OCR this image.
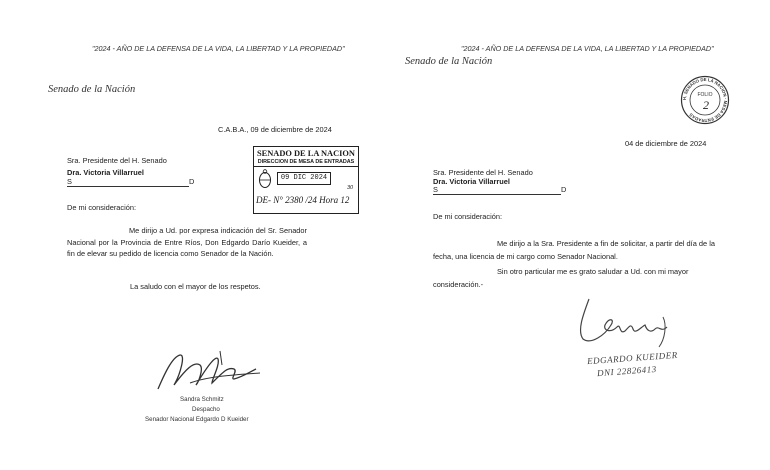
"2024 - AÑO DE LA DEFENSA DE LA VIDA, LA LIBERTAD Y LA PROPIEDAD"
Senado de la Nación
C.A.B.A., 09 de diciembre de 2024
Sra. Presidente del H. Senado
Dra. Victoria Villarruel
S	D
De mi consideración:
Me dirijo a Ud. por expresa indicación del Sr. Senador Nacional por la Provincia de Entre Ríos, Don Edgardo Darío Kueider, a fin de elevar su pedido de licencia como Senador de la Nación.
La saludo con el mayor de los respetos.
Sandra Schmitz
Despacho
Senador Nacional Edgardo D Kueider
SENADO DE LA NACION
DIRECCION DE MESA DE ENTRADAS
09 DIC 2024
30
DE- N° 2380 /24 Hora 12
"2024 - AÑO DE LA DEFENSA DE LA VIDA, LA LIBERTAD Y LA PROPIEDAD"
Senado de la Nación
04 de diciembre de 2024
Sra. Presidente del H. Senado
Dra. Victoria Villarruel
S	D
De mi consideración:
Me dirijo a la Sra. Presidente a fin de solicitar, a partir del día de la fecha, una licencia de mi cargo como Senador Nacional.
Sin otro particular me es grato saludar a Ud. con mi mayor consideración.-
EDGARDO KUEIDER
DNI 22826413
H. SENADO DE LA NACION · MESA DE ENTRADAS
FOLIO
2
